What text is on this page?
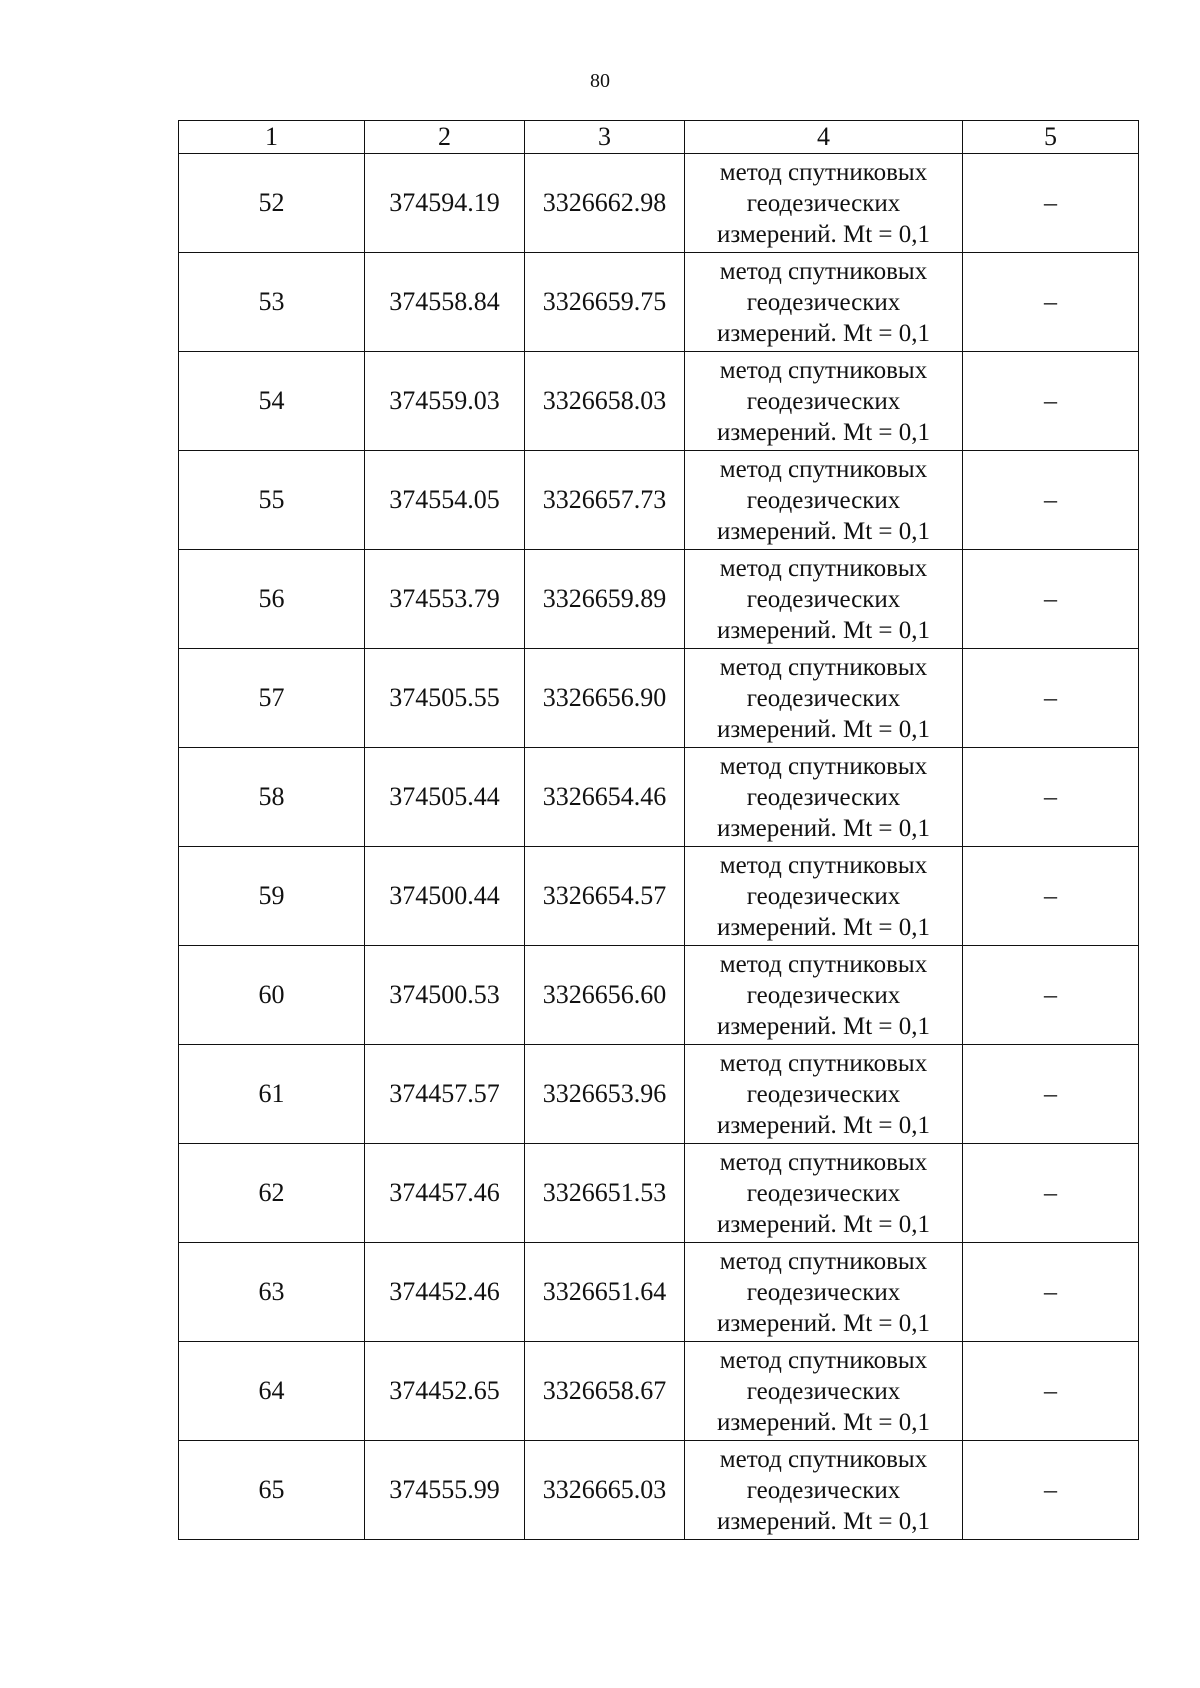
80
1	2	3	4	5
52	374594.19	3326662.98	метод спутниковых
геодезических
измерений. Mt = 0,1	–
53	374558.84	3326659.75	метод спутниковых
геодезических
измерений. Mt = 0,1	–
54	374559.03	3326658.03	метод спутниковых
геодезических
измерений. Mt = 0,1	–
55	374554.05	3326657.73	метод спутниковых
геодезических
измерений. Mt = 0,1	–
56	374553.79	3326659.89	метод спутниковых
геодезических
измерений. Mt = 0,1	–
57	374505.55	3326656.90	метод спутниковых
геодезических
измерений. Mt = 0,1	–
58	374505.44	3326654.46	метод спутниковых
геодезических
измерений. Mt = 0,1	–
59	374500.44	3326654.57	метод спутниковых
геодезических
измерений. Mt = 0,1	–
60	374500.53	3326656.60	метод спутниковых
геодезических
измерений. Mt = 0,1	–
61	374457.57	3326653.96	метод спутниковых
геодезических
измерений. Mt = 0,1	–
62	374457.46	3326651.53	метод спутниковых
геодезических
измерений. Mt = 0,1	–
63	374452.46	3326651.64	метод спутниковых
геодезических
измерений. Mt = 0,1	–
64	374452.65	3326658.67	метод спутниковых
геодезических
измерений. Mt = 0,1	–
65	374555.99	3326665.03	метод спутниковых
геодезических
измерений. Mt = 0,1	–
